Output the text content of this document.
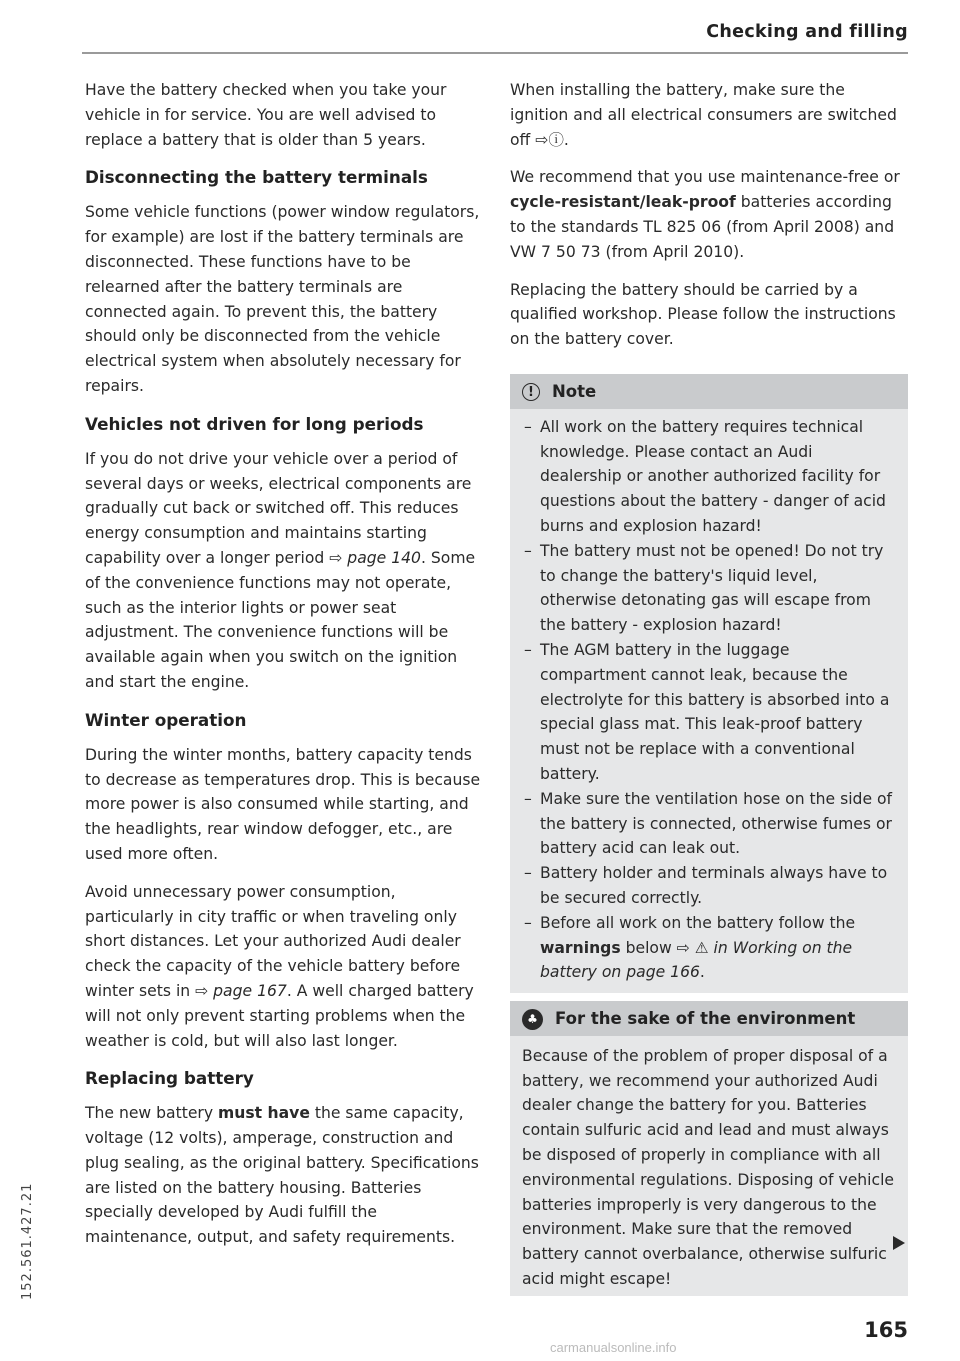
Checking and filling

Have the battery checked when you take your vehicle in for service. You are well advised to replace a battery that is older than 5 years.

Disconnecting the battery terminals

Some vehicle functions (power window regulators, for example) are lost if the battery terminals are disconnected. These functions have to be relearned after the battery terminals are connected again. To prevent this, the battery should only be disconnected from the vehicle electrical system when absolutely necessary for repairs.

Vehicles not driven for long periods

If you do not drive your vehicle over a period of several days or weeks, electrical components are gradually cut back or switched off. This reduces energy consumption and maintains starting capability over a longer period ⇨ page 140. Some of the convenience functions may not operate, such as the interior lights or power seat adjustment. The convenience functions will be available again when you switch on the ignition and start the engine.

Winter operation

During the winter months, battery capacity tends to decrease as temperatures drop. This is because more power is also consumed while starting, and the headlights, rear window defogger, etc., are used more often.

Avoid unnecessary power consumption, particularly in city traffic or when traveling only short distances. Let your authorized Audi dealer check the capacity of the vehicle battery before winter sets in ⇨ page 167. A well charged battery will not only prevent starting problems when the weather is cold, but will also last longer.

Replacing battery

The new battery must have the same capacity, voltage (12 volts), amperage, construction and plug sealing, as the original battery. Specifications are listed on the battery housing. Batteries specially developed by Audi fulfill the maintenance, output, and safety requirements.

When installing the battery, make sure the ignition and all electrical consumers are switched off ⇨ⓘ.

We recommend that you use maintenance-free or cycle-resistant/leak-proof batteries according to the standards TL 825 06 (from April 2008) and VW 7 50 73 (from April 2010).

Replacing the battery should be carried by a qualified workshop. Please follow the instructions on the battery cover.

!	Note
– All work on the battery requires technical knowledge. Please contact an Audi dealership or another authorized facility for questions about the battery - danger of acid burns and explosion hazard!
– The battery must not be opened! Do not try to change the battery's liquid level, otherwise detonating gas will escape from the battery - explosion hazard!
– The AGM battery in the luggage compartment cannot leak, because the electrolyte for this battery is absorbed into a special glass mat. This leak-proof battery must not be replace with a conventional battery.
– Make sure the ventilation hose on the side of the battery is connected, otherwise fumes or battery acid can leak out.
– Battery holder and terminals always have to be secured correctly.
– Before all work on the battery follow the warnings below ⇨ ⚠ in Working on the battery on page 166.
♣	For the sake of the environment

Because of the problem of proper disposal of a battery, we recommend your authorized Audi dealer change the battery for you. Batteries contain sulfuric acid and lead and must always be disposed of properly in compliance with all environmental regulations. Disposing of vehicle batteries improperly is very dangerous to the environment. Make sure that the removed battery cannot overbalance, otherwise sulfuric acid might escape!

165
152.561.427.21
carmanualsonline.info
